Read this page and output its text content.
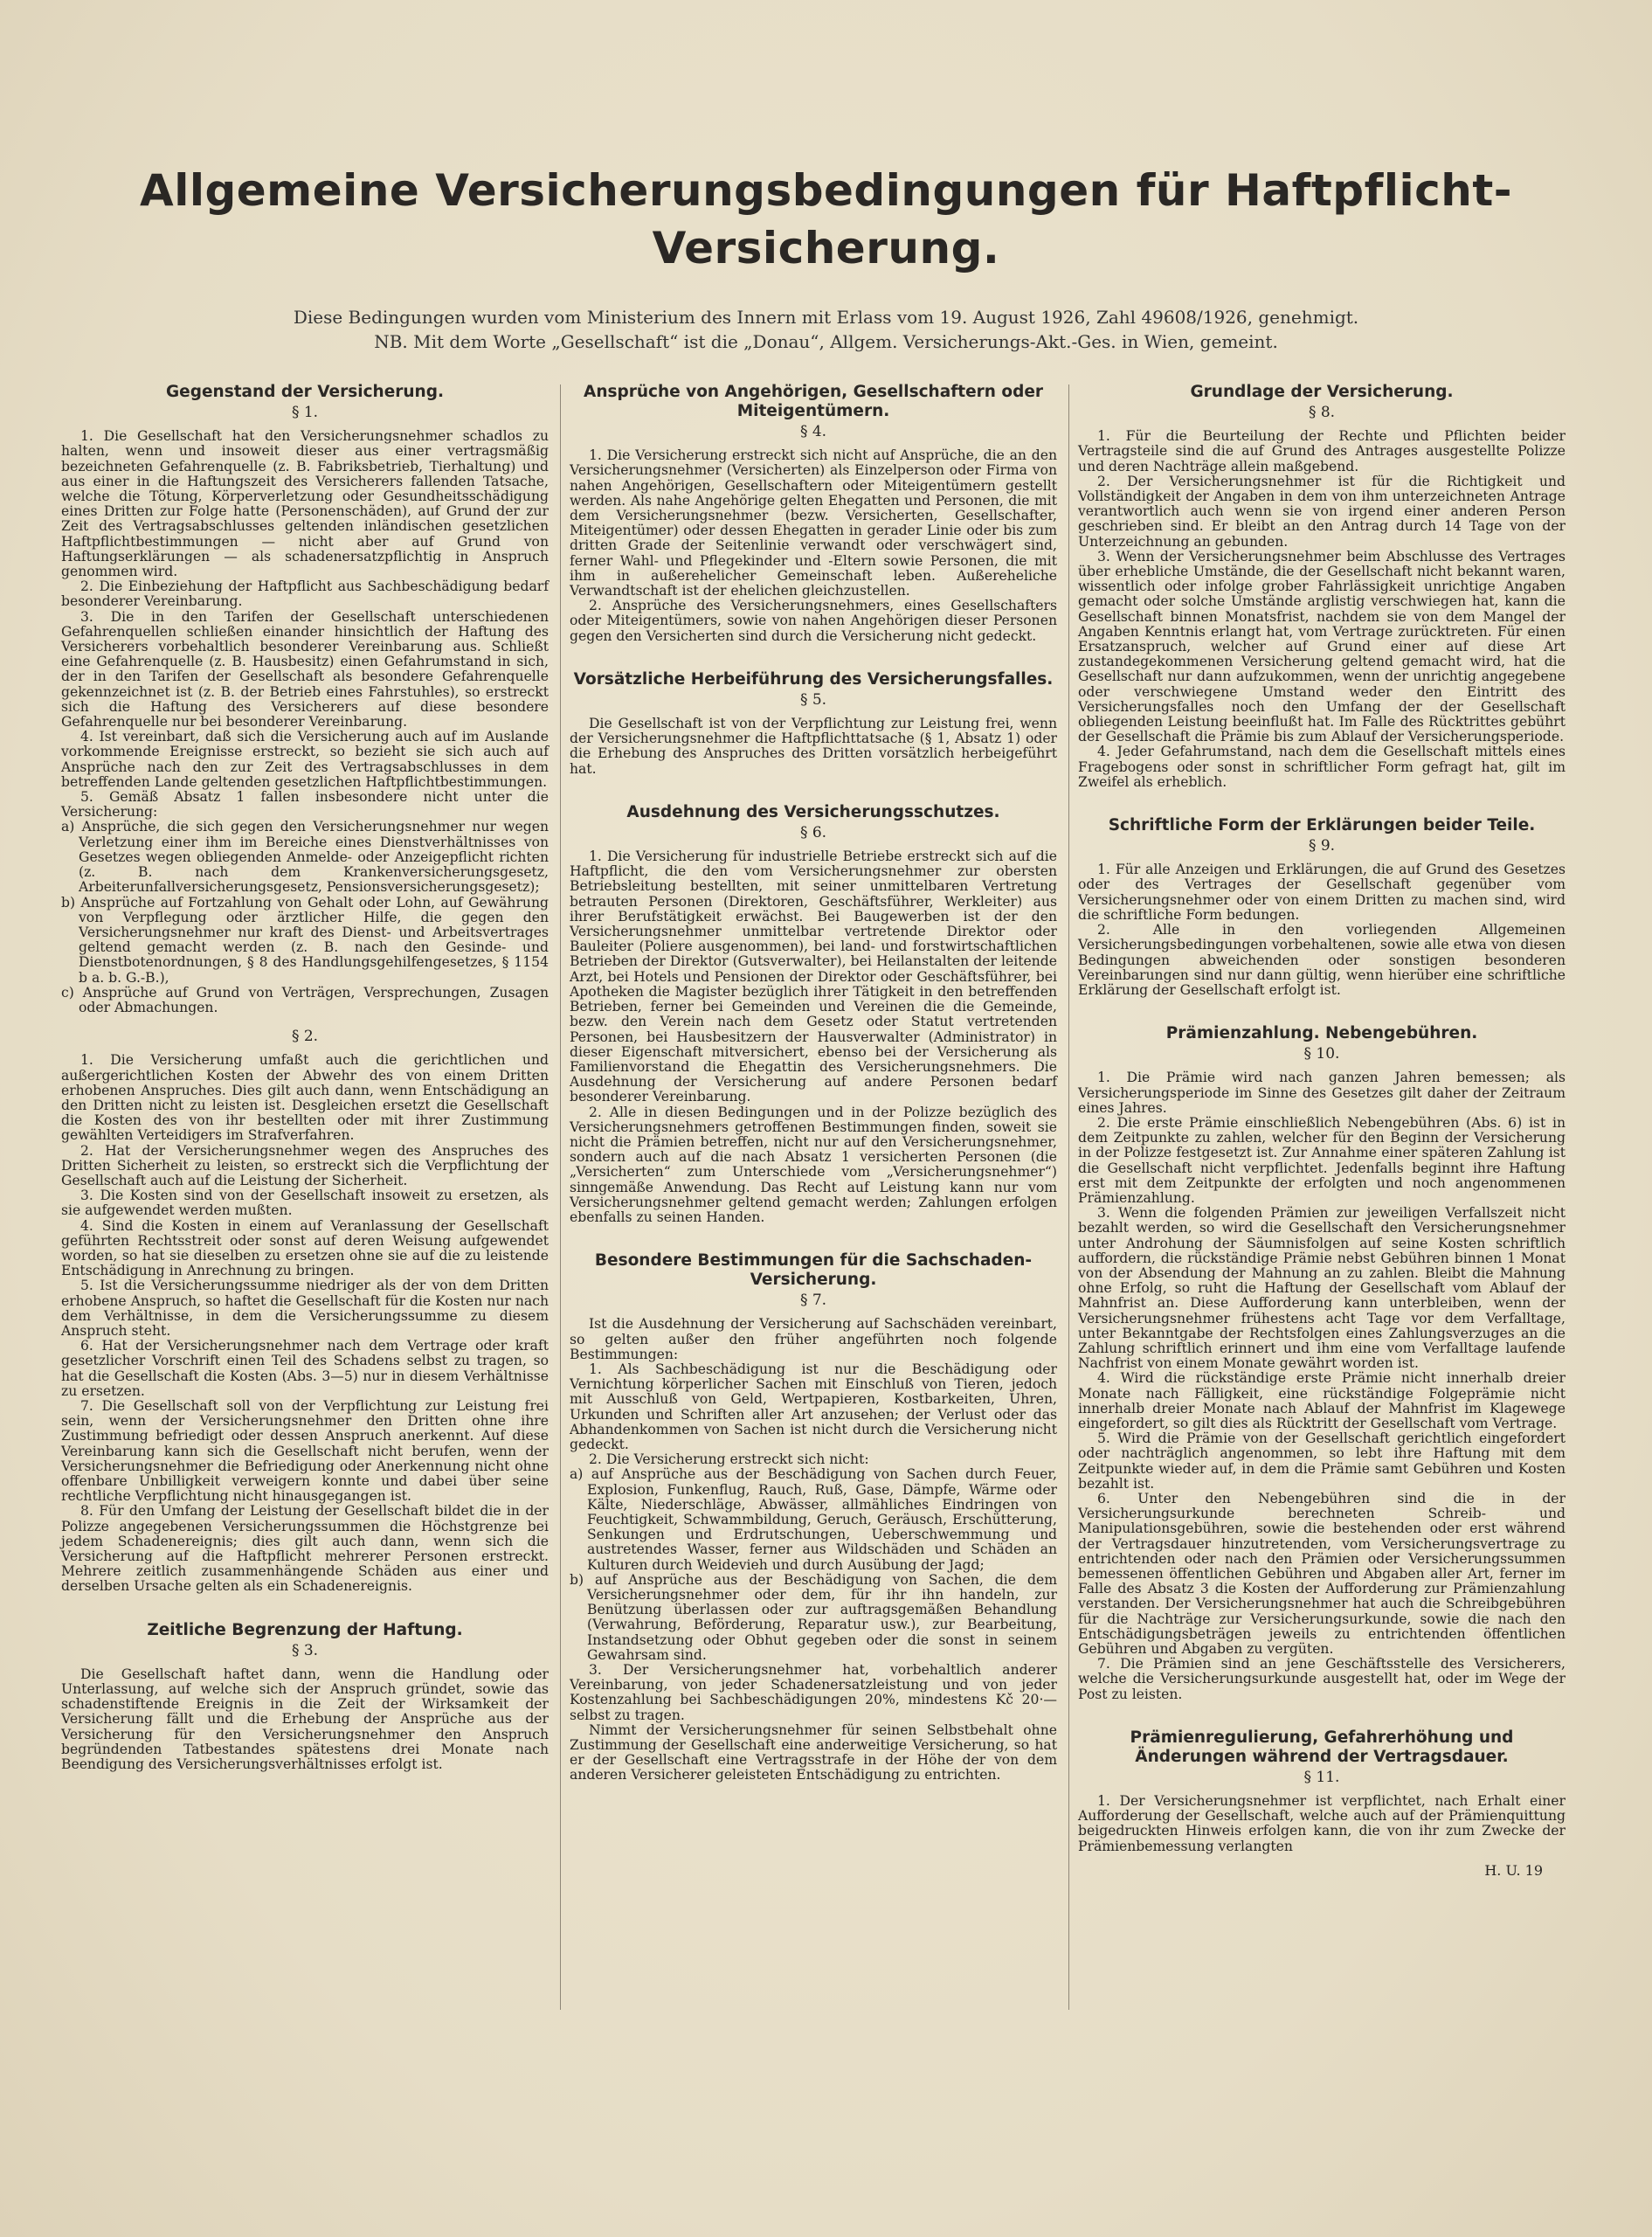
Allgemeine Versicherungsbedingungen für Haftpflicht-
Versicherung.
Diese Bedingungen wurden vom Ministerium des Innern mit Erlass vom 19. August 1926, Zahl 49608/1926, genehmigt.
NB. Mit dem Worte „Gesellschaft“ ist die „Donau“, Allgem. Versicherungs-Akt.-Ges. in Wien, gemeint.
Gegenstand der Versicherung.
§ 1.

1. Die Gesellschaft hat den Versicherungsnehmer schadlos zu halten, wenn und insoweit dieser aus einer vertragsmäßig bezeichneten Gefahrenquelle (z. B. Fabriksbetrieb, Tierhaltung) und aus einer in die Haftungszeit des Versicherers fallenden Tatsache, welche die Tötung, Körperverletzung oder Gesundheitsschädigung eines Dritten zur Folge hatte (Personenschäden), auf Grund der zur Zeit des Vertragsabschlusses geltenden inländischen gesetzlichen Haftpflichtbestimmungen — nicht aber auf Grund von Haftungserklärungen — als schadenersatzpflichtig in Anspruch genommen wird.

2. Die Einbeziehung der Haftpflicht aus Sachbeschädigung bedarf besonderer Vereinbarung.

3. Die in den Tarifen der Gesellschaft unterschiedenen Gefahrenquellen schließen einander hinsichtlich der Haftung des Versicherers vorbehaltlich besonderer Vereinbarung aus. Schließt eine Gefahrenquelle (z. B. Hausbesitz) einen Gefahrumstand in sich, der in den Tarifen der Gesellschaft als besondere Gefahrenquelle gekennzeichnet ist (z. B. der Betrieb eines Fahrstuhles), so erstreckt sich die Haftung des Versicherers auf diese besondere Gefahrenquelle nur bei besonderer Vereinbarung.

4. Ist vereinbart, daß sich die Versicherung auch auf im Auslande vorkommende Ereignisse erstreckt, so bezieht sie sich auch auf Ansprüche nach den zur Zeit des Vertragsabschlusses in dem betreffenden Lande geltenden gesetzlichen Haftpflichtbestimmungen.

5. Gemäß Absatz 1 fallen insbesondere nicht unter die Versicherung:

a) Ansprüche, die sich gegen den Versicherungsnehmer nur wegen Verletzung einer ihm im Bereiche eines Dienstverhältnisses von Gesetzes wegen obliegenden Anmelde- oder Anzeigepflicht richten (z. B. nach dem Krankenversicherungsgesetz, Arbeiterunfallversicherungsgesetz, Pensionsversicherungsgesetz);

b) Ansprüche auf Fortzahlung von Gehalt oder Lohn, auf Gewährung von Verpflegung oder ärztlicher Hilfe, die gegen den Versicherungsnehmer nur kraft des Dienst- und Arbeitsvertrages geltend gemacht werden (z. B. nach den Gesinde- und Dienstbotenordnungen, § 8 des Handlungsgehilfengesetzes, § 1154 b a. b. G.-B.),

c) Ansprüche auf Grund von Verträgen, Versprechungen, Zusagen oder Abmachungen.

§ 2.

1. Die Versicherung umfaßt auch die gerichtlichen und außergerichtlichen Kosten der Abwehr des von einem Dritten erhobenen Anspruches. Dies gilt auch dann, wenn Entschädigung an den Dritten nicht zu leisten ist. Desgleichen ersetzt die Gesellschaft die Kosten des von ihr bestellten oder mit ihrer Zustimmung gewählten Verteidigers im Strafverfahren.

2. Hat der Versicherungsnehmer wegen des Anspruches des Dritten Sicherheit zu leisten, so erstreckt sich die Verpflichtung der Gesellschaft auch auf die Leistung der Sicherheit.

3. Die Kosten sind von der Gesellschaft insoweit zu ersetzen, als sie aufgewendet werden mußten.

4. Sind die Kosten in einem auf Veranlassung der Gesellschaft geführten Rechtsstreit oder sonst auf deren Weisung aufgewendet worden, so hat sie dieselben zu ersetzen ohne sie auf die zu leistende Entschädigung in Anrechnung zu bringen.

5. Ist die Versicherungssumme niedriger als der von dem Dritten erhobene Anspruch, so haftet die Gesellschaft für die Kosten nur nach dem Verhältnisse, in dem die Versicherungssumme zu diesem Anspruch steht.

6. Hat der Versicherungsnehmer nach dem Vertrage oder kraft gesetzlicher Vorschrift einen Teil des Schadens selbst zu tragen, so hat die Gesellschaft die Kosten (Abs. 3—5) nur in diesem Verhältnisse zu ersetzen.

7. Die Gesellschaft soll von der Verpflichtung zur Leistung frei sein, wenn der Versicherungsnehmer den Dritten ohne ihre Zustimmung befriedigt oder dessen Anspruch anerkennt. Auf diese Vereinbarung kann sich die Gesellschaft nicht berufen, wenn der Versicherungsnehmer die Befriedigung oder Anerkennung nicht ohne offenbare Unbilligkeit verweigern konnte und dabei über seine rechtliche Verpflichtung nicht hinausgegangen ist.

8. Für den Umfang der Leistung der Gesellschaft bildet die in der Polizze angegebenen Versicherungssummen die Höchstgrenze bei jedem Schadenereignis; dies gilt auch dann, wenn sich die Versicherung auf die Haftpflicht mehrerer Personen erstreckt. Mehrere zeitlich zusammenhängende Schäden aus einer und derselben Ursache gelten als ein Schadenereignis.

Zeitliche Begrenzung der Haftung.
§ 3.

Die Gesellschaft haftet dann, wenn die Handlung oder Unterlassung, auf welche sich der Anspruch gründet, sowie das schadenstiftende Ereignis in die Zeit der Wirksamkeit der Versicherung fällt und die Erhebung der Ansprüche aus der Versicherung für den Versicherungsnehmer den Anspruch begründenden Tatbestandes spätestens drei Monate nach Beendigung des Versicherungsverhältnisses erfolgt ist.

Ansprüche von Angehörigen, Gesellschaftern oder Miteigentümern.
§ 4.

1. Die Versicherung erstreckt sich nicht auf Ansprüche, die an den Versicherungsnehmer (Versicherten) als Einzelperson oder Firma von nahen Angehörigen, Gesellschaftern oder Miteigentümern gestellt werden. Als nahe Angehörige gelten Ehegatten und Personen, die mit dem Versicherungsnehmer (bezw. Versicherten, Gesellschafter, Miteigentümer) oder dessen Ehegatten in gerader Linie oder bis zum dritten Grade der Seitenlinie verwandt oder verschwägert sind, ferner Wahl- und Pflegekinder und -Eltern sowie Personen, die mit ihm in außerehelicher Gemeinschaft leben. Außereheliche Verwandtschaft ist der ehelichen gleichzustellen.

2. Ansprüche des Versicherungsnehmers, eines Gesellschafters oder Miteigentümers, sowie von nahen Angehörigen dieser Personen gegen den Versicherten sind durch die Versicherung nicht gedeckt.

Vorsätzliche Herbeiführung des Versicherungsfalles.
§ 5.

Die Gesellschaft ist von der Verpflichtung zur Leistung frei, wenn der Versicherungsnehmer die Haftpflichttatsache (§ 1, Absatz 1) oder die Erhebung des Anspruches des Dritten vorsätzlich herbeigeführt hat.

Ausdehnung des Versicherungsschutzes.
§ 6.

1. Die Versicherung für industrielle Betriebe erstreckt sich auf die Haftpflicht, die den vom Versicherungsnehmer zur obersten Betriebsleitung bestellten, mit seiner unmittelbaren Vertretung betrauten Personen (Direktoren, Geschäftsführer, Werkleiter) aus ihrer Berufstätigkeit erwächst. Bei Baugewerben ist der den Versicherungsnehmer unmittelbar vertretende Direktor oder Bauleiter (Poliere ausgenommen), bei land- und forstwirtschaftlichen Betrieben der Direktor (Gutsverwalter), bei Heilanstalten der leitende Arzt, bei Hotels und Pensionen der Direktor oder Geschäftsführer, bei Apotheken die Magister bezüglich ihrer Tätigkeit in den betreffenden Betrieben, ferner bei Gemeinden und Vereinen die die Gemeinde, bezw. den Verein nach dem Gesetz oder Statut vertretenden Personen, bei Hausbesitzern der Hausverwalter (Administrator) in dieser Eigenschaft mitversichert, ebenso bei der Versicherung als Familienvorstand die Ehegattin des Versicherungsnehmers. Die Ausdehnung der Versicherung auf andere Personen bedarf besonderer Vereinbarung.

2. Alle in diesen Bedingungen und in der Polizze bezüglich des Versicherungsnehmers getroffenen Bestimmungen finden, soweit sie nicht die Prämien betreffen, nicht nur auf den Versicherungsnehmer, sondern auch auf die nach Absatz 1 versicherten Personen (die „Versicherten“ zum Unterschiede vom „Versicherungsnehmer“) sinngemäße Anwendung. Das Recht auf Leistung kann nur vom Versicherungsnehmer geltend gemacht werden; Zahlungen erfolgen ebenfalls zu seinen Handen.

Besondere Bestimmungen für die Sachschaden-Versicherung.
§ 7.

Ist die Ausdehnung der Versicherung auf Sachschäden vereinbart, so gelten außer den früher angeführten noch folgende Bestimmungen:

1. Als Sachbeschädigung ist nur die Beschädigung oder Vernichtung körperlicher Sachen mit Einschluß von Tieren, jedoch mit Ausschluß von Geld, Wertpapieren, Kostbarkeiten, Uhren, Urkunden und Schriften aller Art anzusehen; der Verlust oder das Abhandenkommen von Sachen ist nicht durch die Versicherung nicht gedeckt.

2. Die Versicherung erstreckt sich nicht:

a) auf Ansprüche aus der Beschädigung von Sachen durch Feuer, Explosion, Funkenflug, Rauch, Ruß, Gase, Dämpfe, Wärme oder Kälte, Niederschläge, Abwässer, allmähliches Eindringen von Feuchtigkeit, Schwammbildung, Geruch, Geräusch, Erschütterung, Senkungen und Erdrutschungen, Ueberschwemmung und austretendes Wasser, ferner aus Wildschäden und Schäden an Kulturen durch Weidevieh und durch Ausübung der Jagd;

b) auf Ansprüche aus der Beschädigung von Sachen, die dem Versicherungsnehmer oder dem, für ihr ihn handeln, zur Benützung überlassen oder zur auftragsgemäßen Behandlung (Verwahrung, Beförderung, Reparatur usw.), zur Bearbeitung, Instandsetzung oder Obhut gegeben oder die sonst in seinem Gewahrsam sind.

3. Der Versicherungsnehmer hat, vorbehaltlich anderer Vereinbarung, von jeder Schadenersatzleistung und von jeder Kostenzahlung bei Sachbeschädigungen 20%, mindestens Kč 20·— selbst zu tragen.

Nimmt der Versicherungsnehmer für seinen Selbstbehalt ohne Zustimmung der Gesellschaft eine anderweitige Versicherung, so hat er der Gesellschaft eine Vertragsstrafe in der Höhe der von dem anderen Versicherer geleisteten Entschädigung zu entrichten.

Grundlage der Versicherung.
§ 8.

1. Für die Beurteilung der Rechte und Pflichten beider Vertragsteile sind die auf Grund des Antrages ausgestellte Polizze und deren Nachträge allein maßgebend.

2. Der Versicherungsnehmer ist für die Richtigkeit und Vollständigkeit der Angaben in dem von ihm unterzeichneten Antrage verantwortlich auch wenn sie von irgend einer anderen Person geschrieben sind. Er bleibt an den Antrag durch 14 Tage von der Unterzeichnung an gebunden.

3. Wenn der Versicherungsnehmer beim Abschlusse des Vertrages über erhebliche Umstände, die der Gesellschaft nicht bekannt waren, wissentlich oder infolge grober Fahrlässigkeit unrichtige Angaben gemacht oder solche Umstände arglistig verschwiegen hat, kann die Gesellschaft binnen Monatsfrist, nachdem sie von dem Mangel der Angaben Kenntnis erlangt hat, vom Vertrage zurücktreten. Für einen Ersatzanspruch, welcher auf Grund einer auf diese Art zustandegekommenen Versicherung geltend gemacht wird, hat die Gesellschaft nur dann aufzukommen, wenn der unrichtig angegebene oder verschwiegene Umstand weder den Eintritt des Versicherungsfalles noch den Umfang der der Gesellschaft obliegenden Leistung beeinflußt hat. Im Falle des Rücktrittes gebührt der Gesellschaft die Prämie bis zum Ablauf der Versicherungsperiode.

4. Jeder Gefahrumstand, nach dem die Gesellschaft mittels eines Fragebogens oder sonst in schriftlicher Form gefragt hat, gilt im Zweifel als erheblich.

Schriftliche Form der Erklärungen beider Teile.
§ 9.

1. Für alle Anzeigen und Erklärungen, die auf Grund des Gesetzes oder des Vertrages der Gesellschaft gegenüber vom Versicherungsnehmer oder von einem Dritten zu machen sind, wird die schriftliche Form bedungen.

2. Alle in den vorliegenden Allgemeinen Versicherungsbedingungen vorbehaltenen, sowie alle etwa von diesen Bedingungen abweichenden oder sonstigen besonderen Vereinbarungen sind nur dann gültig, wenn hierüber eine schriftliche Erklärung der Gesellschaft erfolgt ist.

Prämienzahlung. Nebengebühren.
§ 10.

1. Die Prämie wird nach ganzen Jahren bemessen; als Versicherungsperiode im Sinne des Gesetzes gilt daher der Zeitraum eines Jahres.

2. Die erste Prämie einschließlich Nebengebühren (Abs. 6) ist in dem Zeitpunkte zu zahlen, welcher für den Beginn der Versicherung in der Polizze festgesetzt ist. Zur Annahme einer späteren Zahlung ist die Gesellschaft nicht verpflichtet. Jedenfalls beginnt ihre Haftung erst mit dem Zeitpunkte der erfolgten und noch angenommenen Prämienzahlung.

3. Wenn die folgenden Prämien zur jeweiligen Verfallszeit nicht bezahlt werden, so wird die Gesellschaft den Versicherungsnehmer unter Androhung der Säumnisfolgen auf seine Kosten schriftlich auffordern, die rückständige Prämie nebst Gebühren binnen 1 Monat von der Absendung der Mahnung an zu zahlen. Bleibt die Mahnung ohne Erfolg, so ruht die Haftung der Gesellschaft vom Ablauf der Mahnfrist an. Diese Aufforderung kann unterbleiben, wenn der Versicherungsnehmer frühestens acht Tage vor dem Verfalltage, unter Bekanntgabe der Rechtsfolgen eines Zahlungsverzuges an die Zahlung schriftlich erinnert und ihm eine vom Verfalltage laufende Nachfrist von einem Monate gewährt worden ist.

4. Wird die rückständige erste Prämie nicht innerhalb dreier Monate nach Fälligkeit, eine rückständige Folgeprämie nicht innerhalb dreier Monate nach Ablauf der Mahnfrist im Klagewege eingefordert, so gilt dies als Rücktritt der Gesellschaft vom Vertrage.

5. Wird die Prämie von der Gesellschaft gerichtlich eingefordert oder nachträglich angenommen, so lebt ihre Haftung mit dem Zeitpunkte wieder auf, in dem die Prämie samt Gebühren und Kosten bezahlt ist.

6. Unter den Nebengebühren sind die in der Versicherungsurkunde berechneten Schreib- und Manipulationsgebühren, sowie die bestehenden oder erst während der Vertragsdauer hinzutretenden, vom Versicherungsvertrage zu entrichtenden oder nach den Prämien oder Versicherungssummen bemessenen öffentlichen Gebühren und Abgaben aller Art, ferner im Falle des Absatz 3 die Kosten der Aufforderung zur Prämienzahlung verstanden. Der Versicherungsnehmer hat auch die Schreibgebühren für die Nachträge zur Versicherungsurkunde, sowie die nach den Entschädigungsbeträgen jeweils zu entrichtenden öffentlichen Gebühren und Abgaben zu vergüten.

7. Die Prämien sind an jene Geschäftsstelle des Versicherers, welche die Versicherungsurkunde ausgestellt hat, oder im Wege der Post zu leisten.

Prämienregulierung, Gefahrerhöhung und Änderungen während der Vertragsdauer.
§ 11.

1. Der Versicherungsnehmer ist verpflichtet, nach Erhalt einer Aufforderung der Gesellschaft, welche auch auf der Prämienquittung beigedruckten Hinweis erfolgen kann, die von ihr zum Zwecke der Prämienbemessung verlangten

H. U. 19
